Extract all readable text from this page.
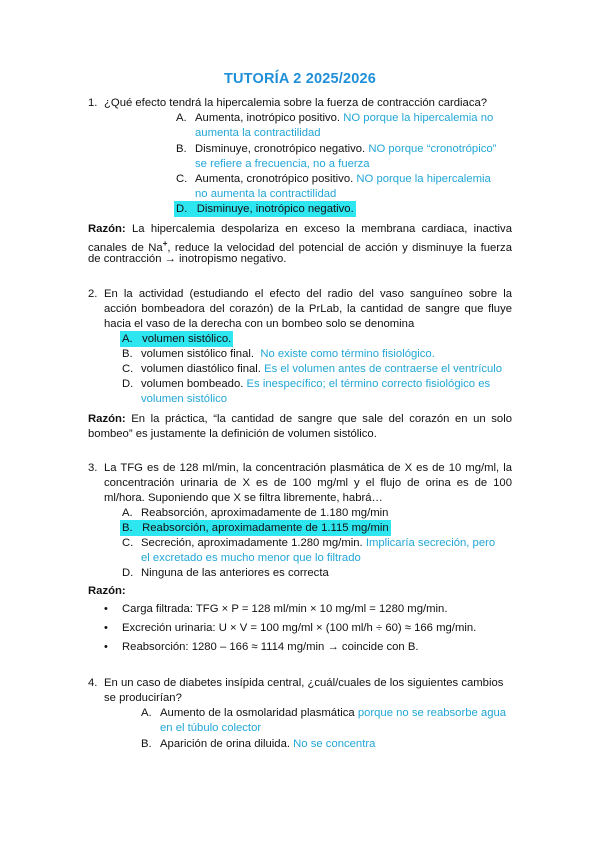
TUTORÍA 2 2025/2026
1. ¿Qué efecto tendrá la hipercalemia sobre la fuerza de contracción cardiaca?
A. Aumenta, inotrópico positivo. NO porque la hipercalemia no
aumenta la contractilidad
B. Disminuye, cronotrópico negativo. NO porque “cronotrópico”
se refiere a frecuencia, no a fuerza
C. Aumenta, cronotrópico positivo. NO porque la hipercalemia
no aumenta la contractilidad
D. Disminuye, inotrópico negativo.
Razón: La hipercalemia despolariza en exceso la membrana cardiaca, inactiva
canales de Na+, reduce la velocidad del potencial de acción y disminuye la fuerza
de contracción → inotropismo negativo.
2. En la actividad (estudiando el efecto del radio del vaso sanguíneo sobre la
acción bombeadora del corazón) de la PrLab, la cantidad de sangre que fluye
hacia el vaso de la derecha con un bombeo solo se denomina
A. volumen sistólico.
B. volumen sistólico final. No existe como término fisiológico.
C. volumen diastólico final. Es el volumen antes de contraerse el ventrículo
D. volumen bombeado. Es inespecífico; el término correcto fisiológico es
volumen sistólico
Razón: En la práctica, “la cantidad de sangre que sale del corazón en un solo
bombeo” es justamente la definición de volumen sistólico.
3. La TFG es de 128 ml/min, la concentración plasmática de X es de 10 mg/ml, la
concentración urinaria de X es de 100 mg/ml y el flujo de orina es de 100
ml/hora. Suponiendo que X se filtra libremente, habrá…
A. Reabsorción, aproximadamente de 1.180 mg/min
B. Reabsorción, aproximadamente de 1.115 mg/min
C. Secreción, aproximadamente 1.280 mg/min. Implicaría secreción, pero
el excretado es mucho menor que lo filtrado
D. Ninguna de las anteriores es correcta
Razón:
• Carga filtrada: TFG × P = 128 ml/min × 10 mg/ml = 1280 mg/min.
• Excreción urinaria: U × V = 100 mg/ml × (100 ml/h ÷ 60) ≈ 166 mg/min.
• Reabsorción: 1280 – 166 ≈ 1114 mg/min → coincide con B.
4. En un caso de diabetes insípida central, ¿cuál/cuales de los siguientes cambios
se producirían?
A. Aumento de la osmolaridad plasmática porque no se reabsorbe agua
en el túbulo colector
B. Aparición de orina diluida. No se concentra
